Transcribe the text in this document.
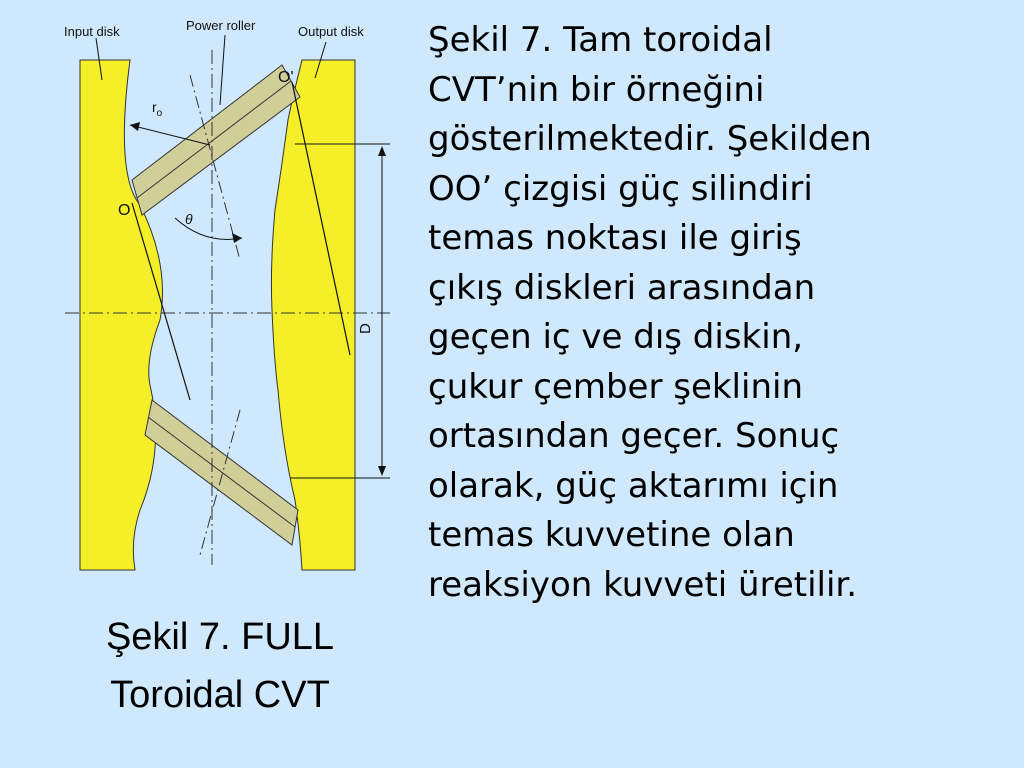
Input disk	Power roller	Output disk
$r_o$
O
O'
θ
D
Şekil 7. FULL
Toroidal CVT
Şekil 7. Tam toroidal
CVT’nin bir örneğini
gösterilmektedir. Şekilden
OO’ çizgisi güç silindiri
temas noktası ile giriş
çıkış diskleri arasından
geçen iç ve dış diskin,
çukur çember şeklinin
ortasından geçer. Sonuç
olarak, güç aktarımı için
temas kuvvetine olan
reaksiyon kuvveti üretilir.
